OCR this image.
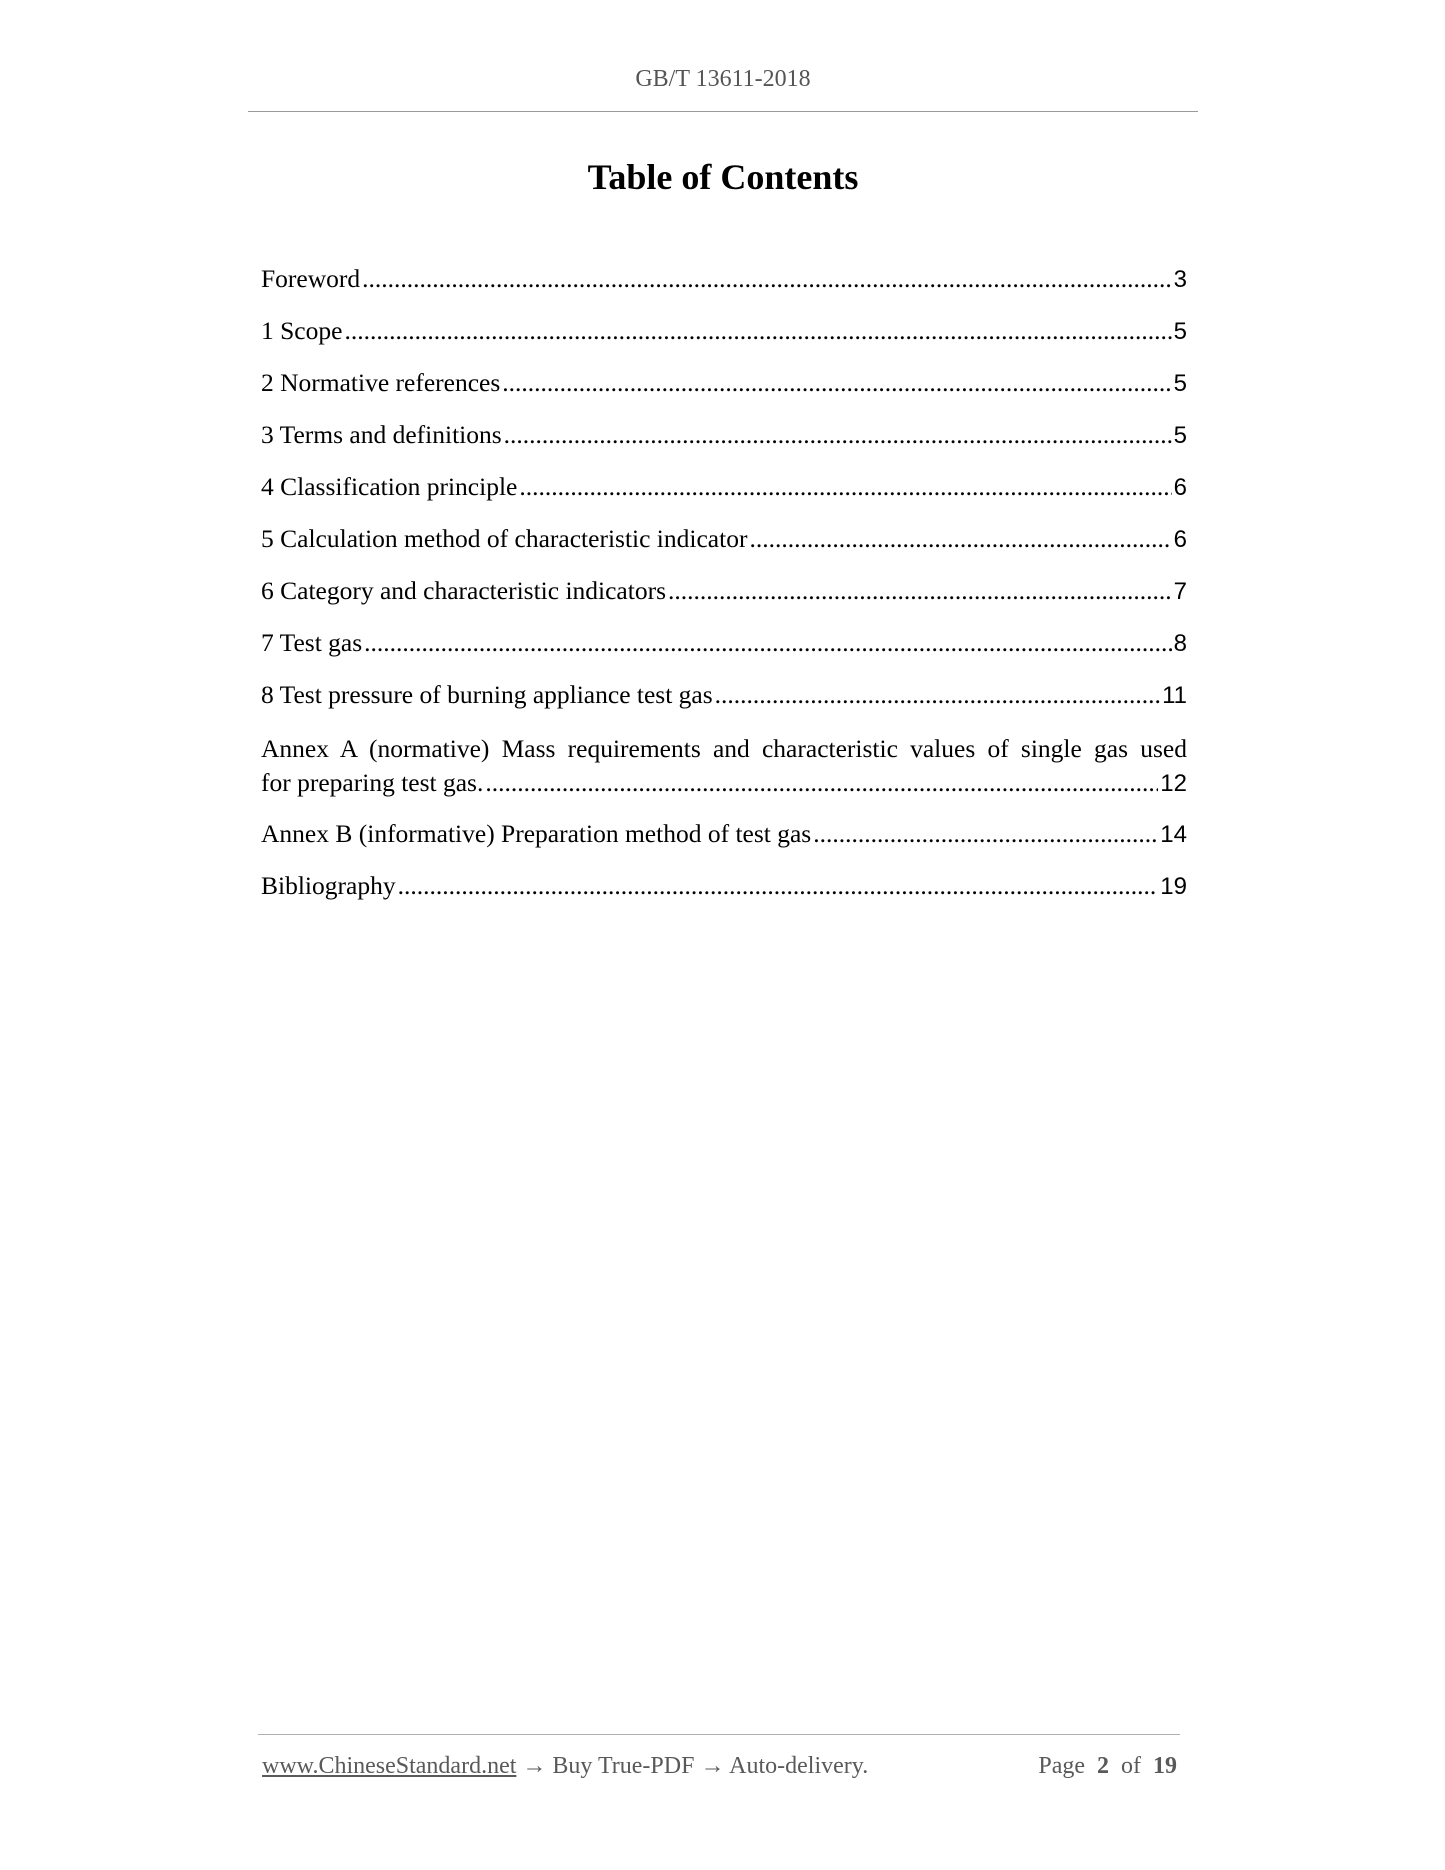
GB/T 13611-2018
Table of Contents
Foreword .....	3
1 Scope .....	5
2 Normative references .....	5
3 Terms and definitions .....	5
4 Classification principle .....	6
5 Calculation method of characteristic indicator .....	6
6 Category and characteristic indicators .....	7
7 Test gas .....	8
8 Test pressure of burning appliance test gas .....	11
Annex A (normative) Mass requirements and characteristic values of single gas used
for preparing test gas. .....	12
Annex B (informative) Preparation method of test gas .....	14
Bibliography .....	19
www.ChineseStandard.net → Buy True-PDF → Auto-delivery.	Page 2 of 19
